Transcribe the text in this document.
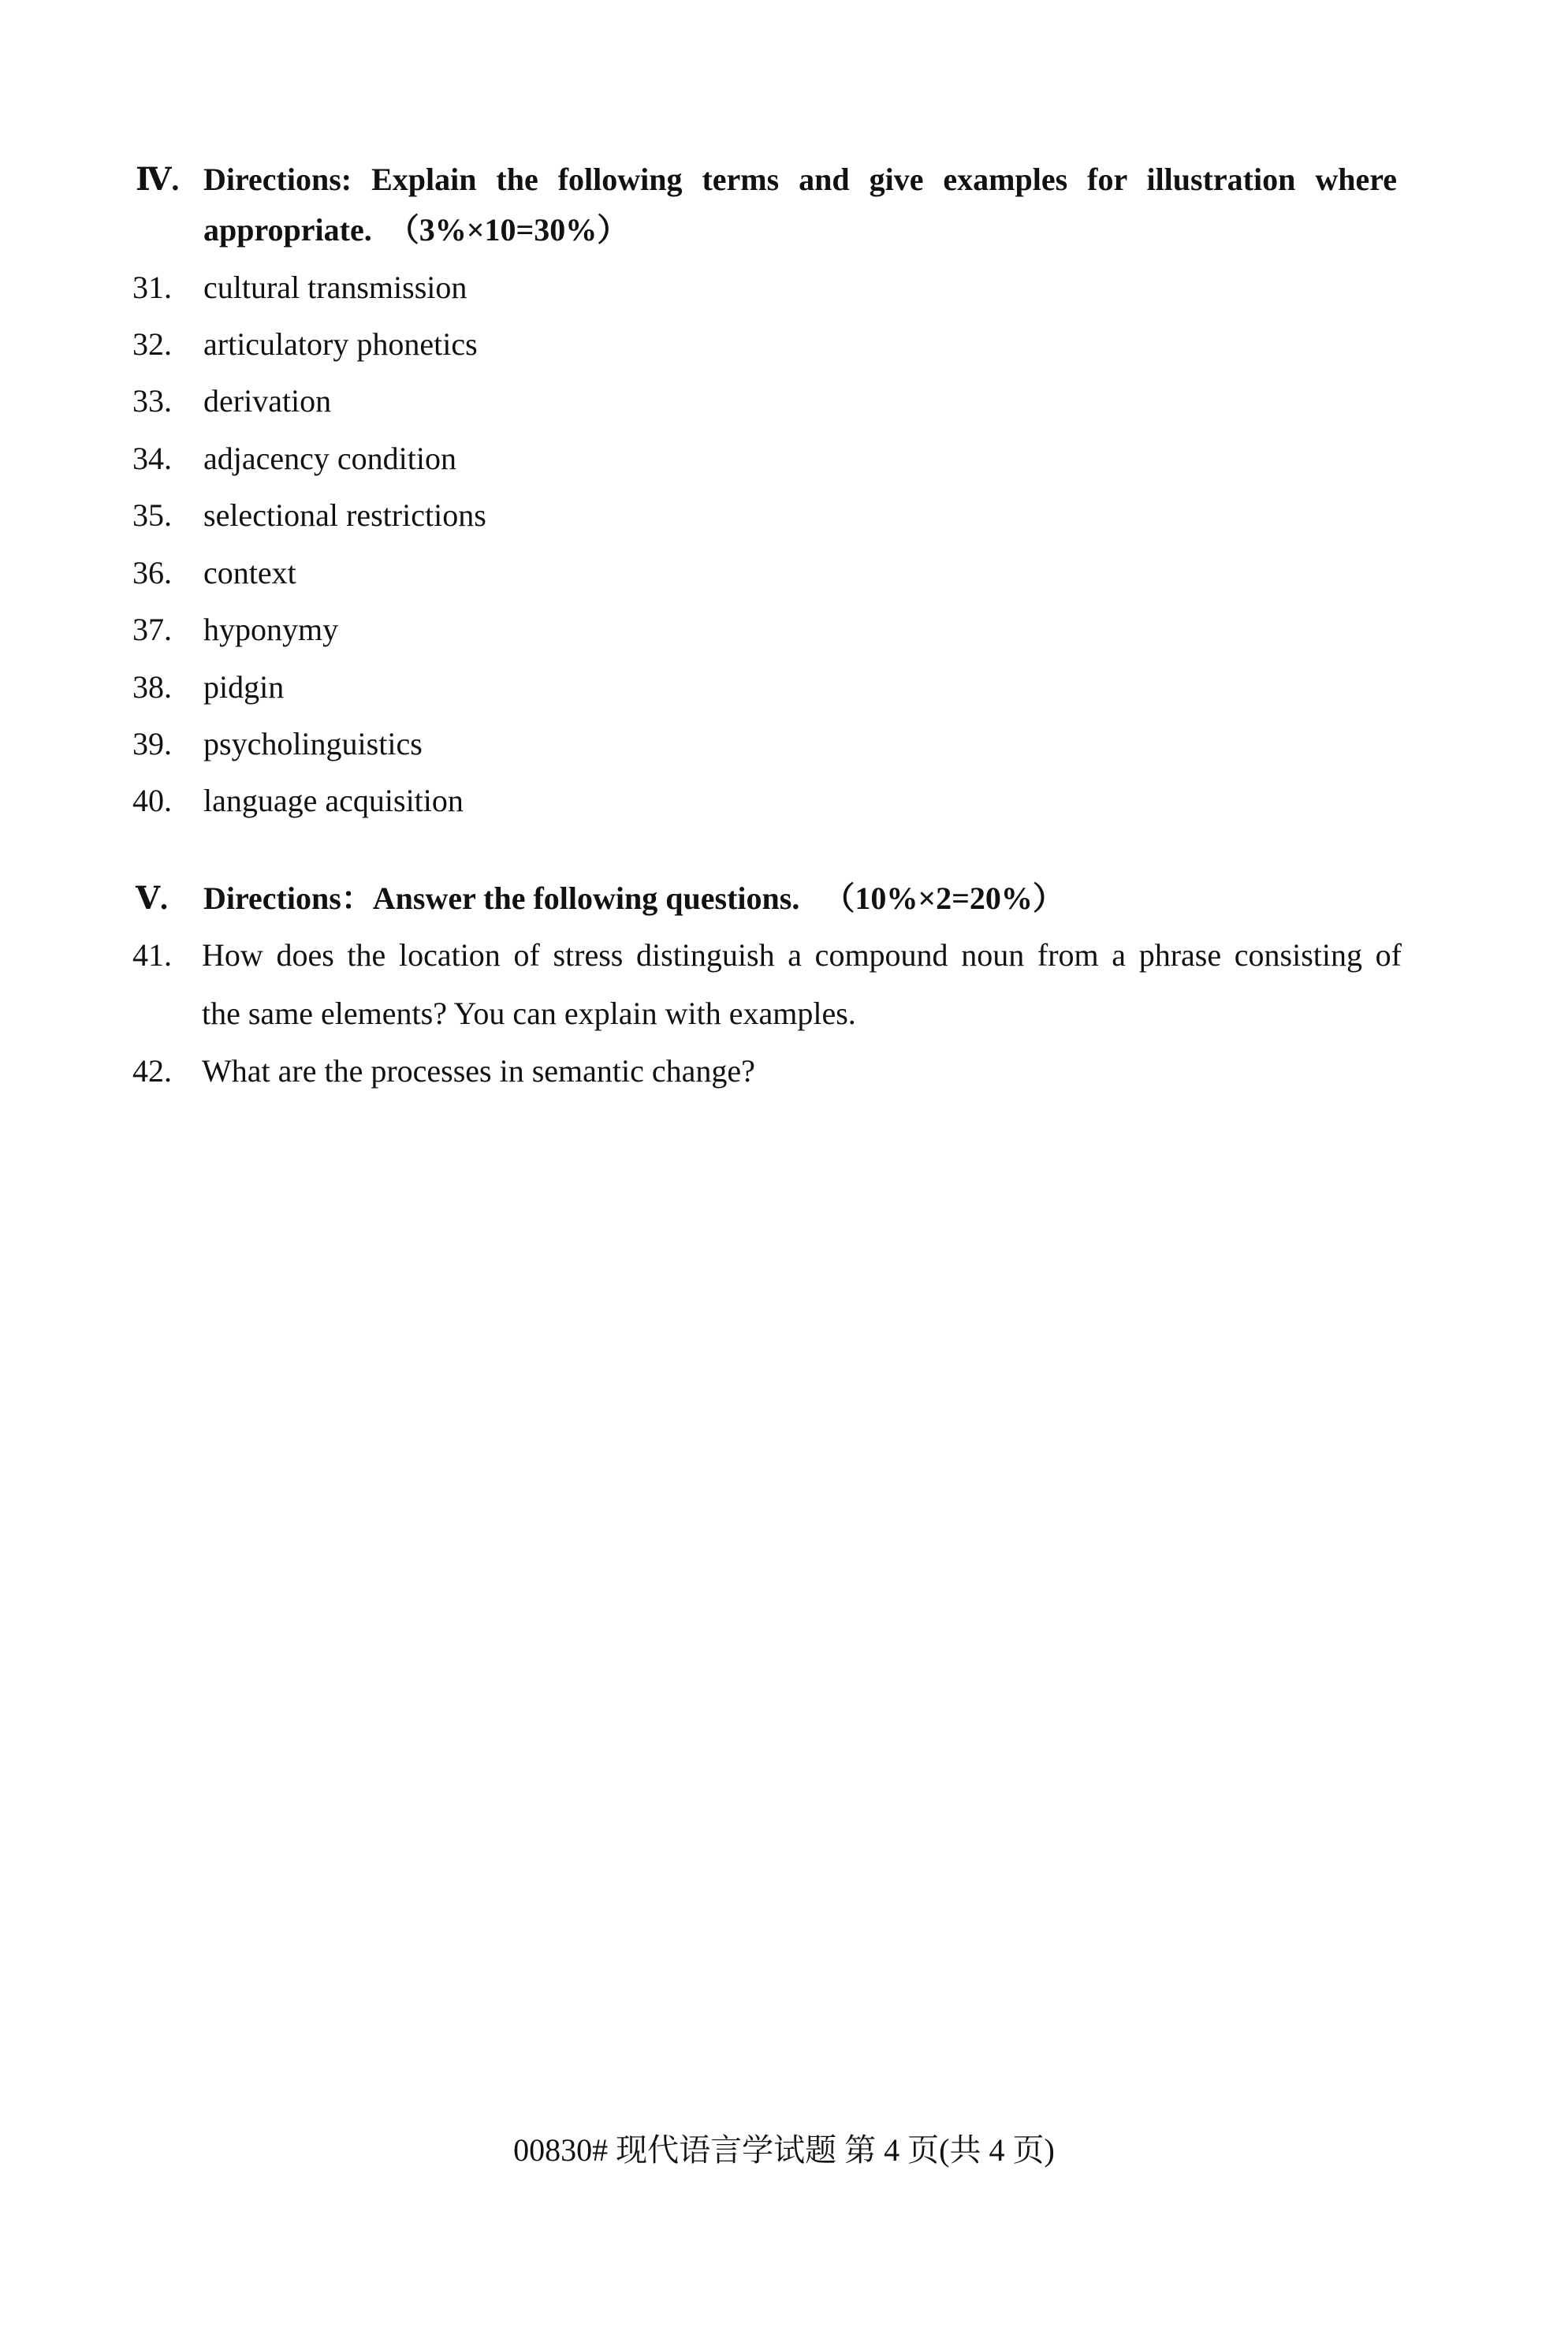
Ⅳ. Directions: Explain the following terms and give examples for illustration where
appropriate.  （3%×10=30%）
31.	cultural transmission
32.	articulatory phonetics
33.	derivation
34.	adjacency condition
35.	selectional restrictions
36.	context
37.	hyponymy
38.	pidgin
39.	psycholinguistics
40.	language acquisition
Ⅴ.	Directions：Answer the following questions.   （10%×2=20%）
41. How does the location of stress distinguish a compound noun from a phrase consisting of
the same elements? You can explain with examples.
42. What are the processes in semantic change?
00830# 现代语言学试题 第 4 页(共 4 页)
